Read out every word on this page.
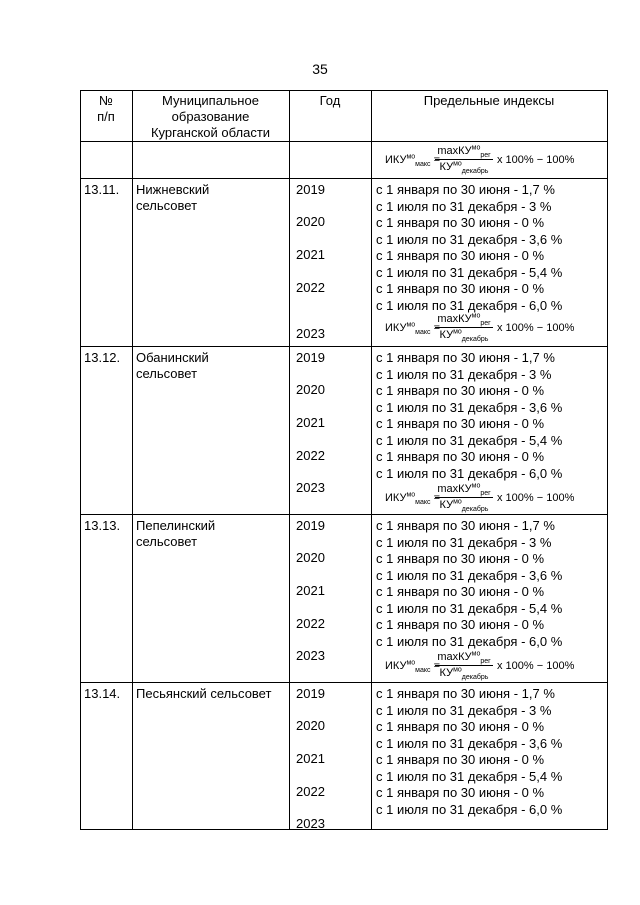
35
№
п/п
Муниципальное
образование
Курганской области
Год	Предельные индексы
$ИКУ^{мо}_{макс}$ =
maxКУ$^{мо}_{рег}$
$КУ^{мо}_{декабрь}$
х 100% − 100%
13.11. Нижневский
сельсовет
2019
2020
2021
2022
2023
с 1 января по 30 июня - 1,7 %
с 1 июля по 31 декабря - 3 %
с 1 января по 30 июня - 0 %
с 1 июля по 31 декабря - 3,6 %
с 1 января по 30 июня - 0 %
с 1 июля по 31 декабря - 5,4 %
с 1 января по 30 июня - 0 %
с 1 июля по 31 декабря - 6,0 %
$ИКУ^{мо}_{макс}$ =
maxКУ$^{мо}_{рег}$
$КУ^{мо}_{декабрь}$
х 100% − 100%
13.12. Обанинский
сельсовет
2019
2020
2021
2022
2023
с 1 января по 30 июня - 1,7 %
с 1 июля по 31 декабря - 3 %
с 1 января по 30 июня - 0 %
с 1 июля по 31 декабря - 3,6 %
с 1 января по 30 июня - 0 %
с 1 июля по 31 декабря - 5,4 %
с 1 января по 30 июня - 0 %
с 1 июля по 31 декабря - 6,0 %
$ИКУ^{мо}_{макс}$ =
maxКУ$^{мо}_{рег}$
$КУ^{мо}_{декабрь}$
х 100% − 100%
13.13. Пепелинский
сельсовет
2019
2020
2021
2022
2023
с 1 января по 30 июня - 1,7 %
с 1 июля по 31 декабря - 3 %
с 1 января по 30 июня - 0 %
с 1 июля по 31 декабря - 3,6 %
с 1 января по 30 июня - 0 %
с 1 июля по 31 декабря - 5,4 %
с 1 января по 30 июня - 0 %
с 1 июля по 31 декабря - 6,0 %
$ИКУ^{мо}_{макс}$ =
maxКУ$^{мо}_{рег}$
$КУ^{мо}_{декабрь}$
х 100% − 100%
13.14. Песьянский сельсовет 2019
2020
2021
2022
2023
с 1 января по 30 июня - 1,7 %
с 1 июля по 31 декабря - 3 %
с 1 января по 30 июня - 0 %
с 1 июля по 31 декабря - 3,6 %
с 1 января по 30 июня - 0 %
с 1 июля по 31 декабря - 5,4 %
с 1 января по 30 июня - 0 %
с 1 июля по 31 декабря - 6,0 %
